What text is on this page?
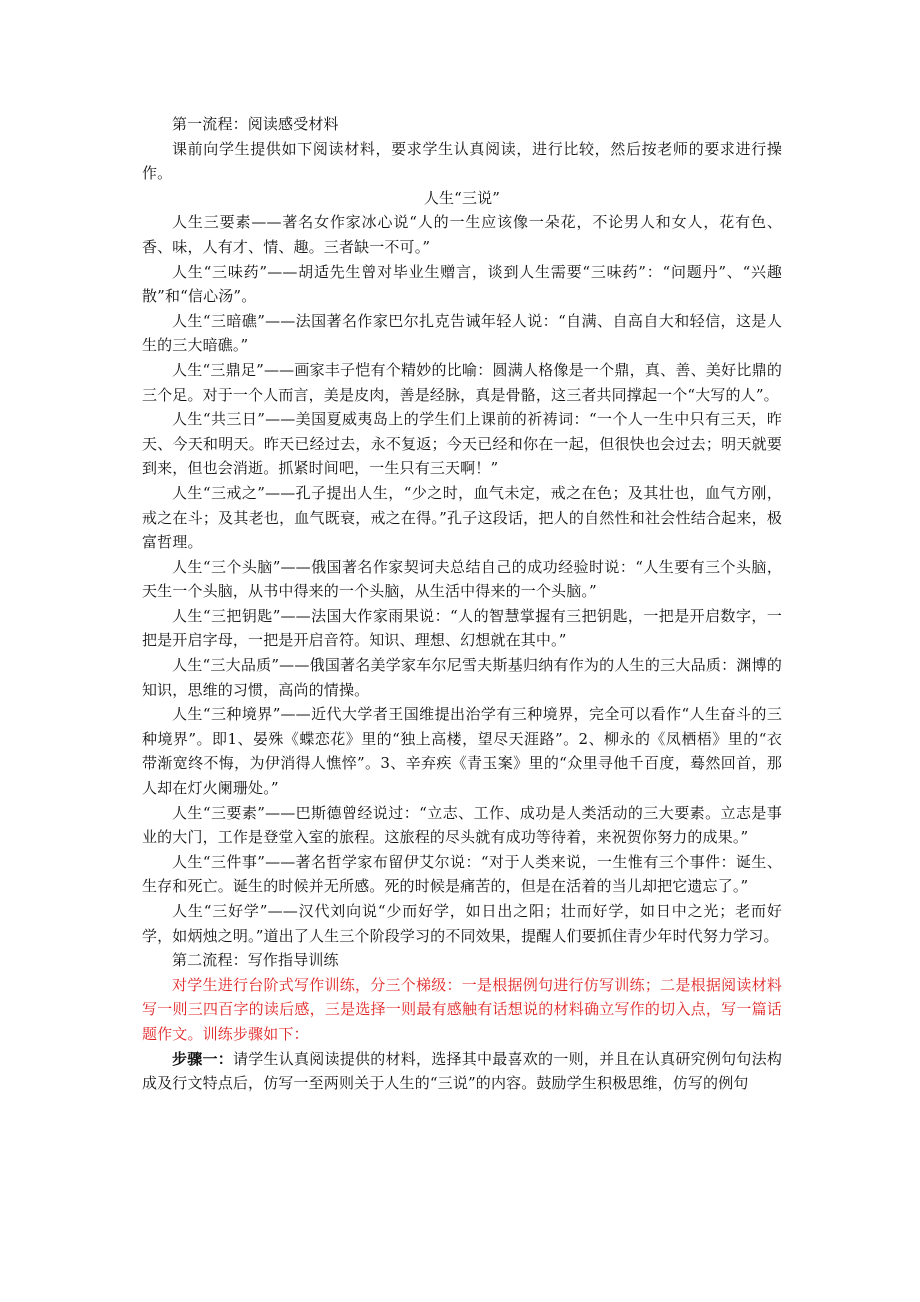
第一流程：阅读感受材料

课前向学生提供如下阅读材料，要求学生认真阅读，进行比较，然后按老师的要求进行操作。

人生“三说”

人生三要素——著名女作家冰心说“人的一生应该像一朵花，不论男人和女人，花有色、香、味，人有才、情、趣。三者缺一不可。”

人生“三味药”——胡适先生曾对毕业生赠言，谈到人生需要“三味药”：“问题丹”、“兴趣散”和“信心汤”。

人生“三暗礁”——法国著名作家巴尔扎克告诫年轻人说：“自满、自高自大和轻信，这是人生的三大暗礁。”

人生“三鼎足”——画家丰子恺有个精妙的比喻：圆满人格像是一个鼎，真、善、美好比鼎的三个足。对于一个人而言，美是皮肉，善是经脉，真是骨骼，这三者共同撑起一个“大写的人”。

人生“共三日”——美国夏威夷岛上的学生们上课前的祈祷词：“一个人一生中只有三天，昨天、今天和明天。昨天已经过去，永不复返；今天已经和你在一起，但很快也会过去；明天就要到来，但也会消逝。抓紧时间吧，一生只有三天啊！”

人生“三戒之”——孔子提出人生，“少之时，血气未定，戒之在色；及其壮也，血气方刚，戒之在斗；及其老也，血气既衰，戒之在得。”孔子这段话，把人的自然性和社会性结合起来，极富哲理。

人生“三个头脑”——俄国著名作家契诃夫总结自己的成功经验时说：“人生要有三个头脑，天生一个头脑，从书中得来的一个头脑，从生活中得来的一个头脑。”

人生“三把钥匙”——法国大作家雨果说：“人的智慧掌握有三把钥匙，一把是开启数字，一把是开启字母，一把是开启音符。知识、理想、幻想就在其中。”

人生“三大品质”——俄国著名美学家车尔尼雪夫斯基归纳有作为的人生的三大品质：渊博的知识，思维的习惯，高尚的情操。

人生“三种境界”——近代大学者王国维提出治学有三种境界，完全可以看作“人生奋斗的三种境界”。即1、晏殊《蝶恋花》里的“独上高楼，望尽天涯路”。2、柳永的《凤栖梧》里的“衣带渐宽终不悔，为伊消得人憔悴”。3、辛弃疾《青玉案》里的“众里寻他千百度，蓦然回首，那人却在灯火阑珊处。”

人生“三要素”——巴斯德曾经说过：“立志、工作、成功是人类活动的三大要素。立志是事业的大门，工作是登堂入室的旅程。这旅程的尽头就有成功等待着，来祝贺你努力的成果。”

人生“三件事”——著名哲学家布留伊艾尔说：“对于人类来说，一生惟有三个事件：诞生、生存和死亡。诞生的时候并无所感。死的时候是痛苦的，但是在活着的当儿却把它遗忘了。”

人生“三好学”——汉代刘向说“少而好学，如日出之阳；壮而好学，如日中之光；老而好学，如炳烛之明。”道出了人生三个阶段学习的不同效果，提醒人们要抓住青少年时代努力学习。

第二流程：写作指导训练

对学生进行台阶式写作训练，分三个梯级：一是根据例句进行仿写训练；二是根据阅读材料写一则三四百字的读后感，三是选择一则最有感触有话想说的材料确立写作的切入点，写一篇话题作文。训练步骤如下：

步骤一：请学生认真阅读提供的材料，选择其中最喜欢的一则，并且在认真研究例句句法构成及行文特点后，仿写一至两则关于人生的“三说”的内容。鼓励学生积极思维，仿写的例句
